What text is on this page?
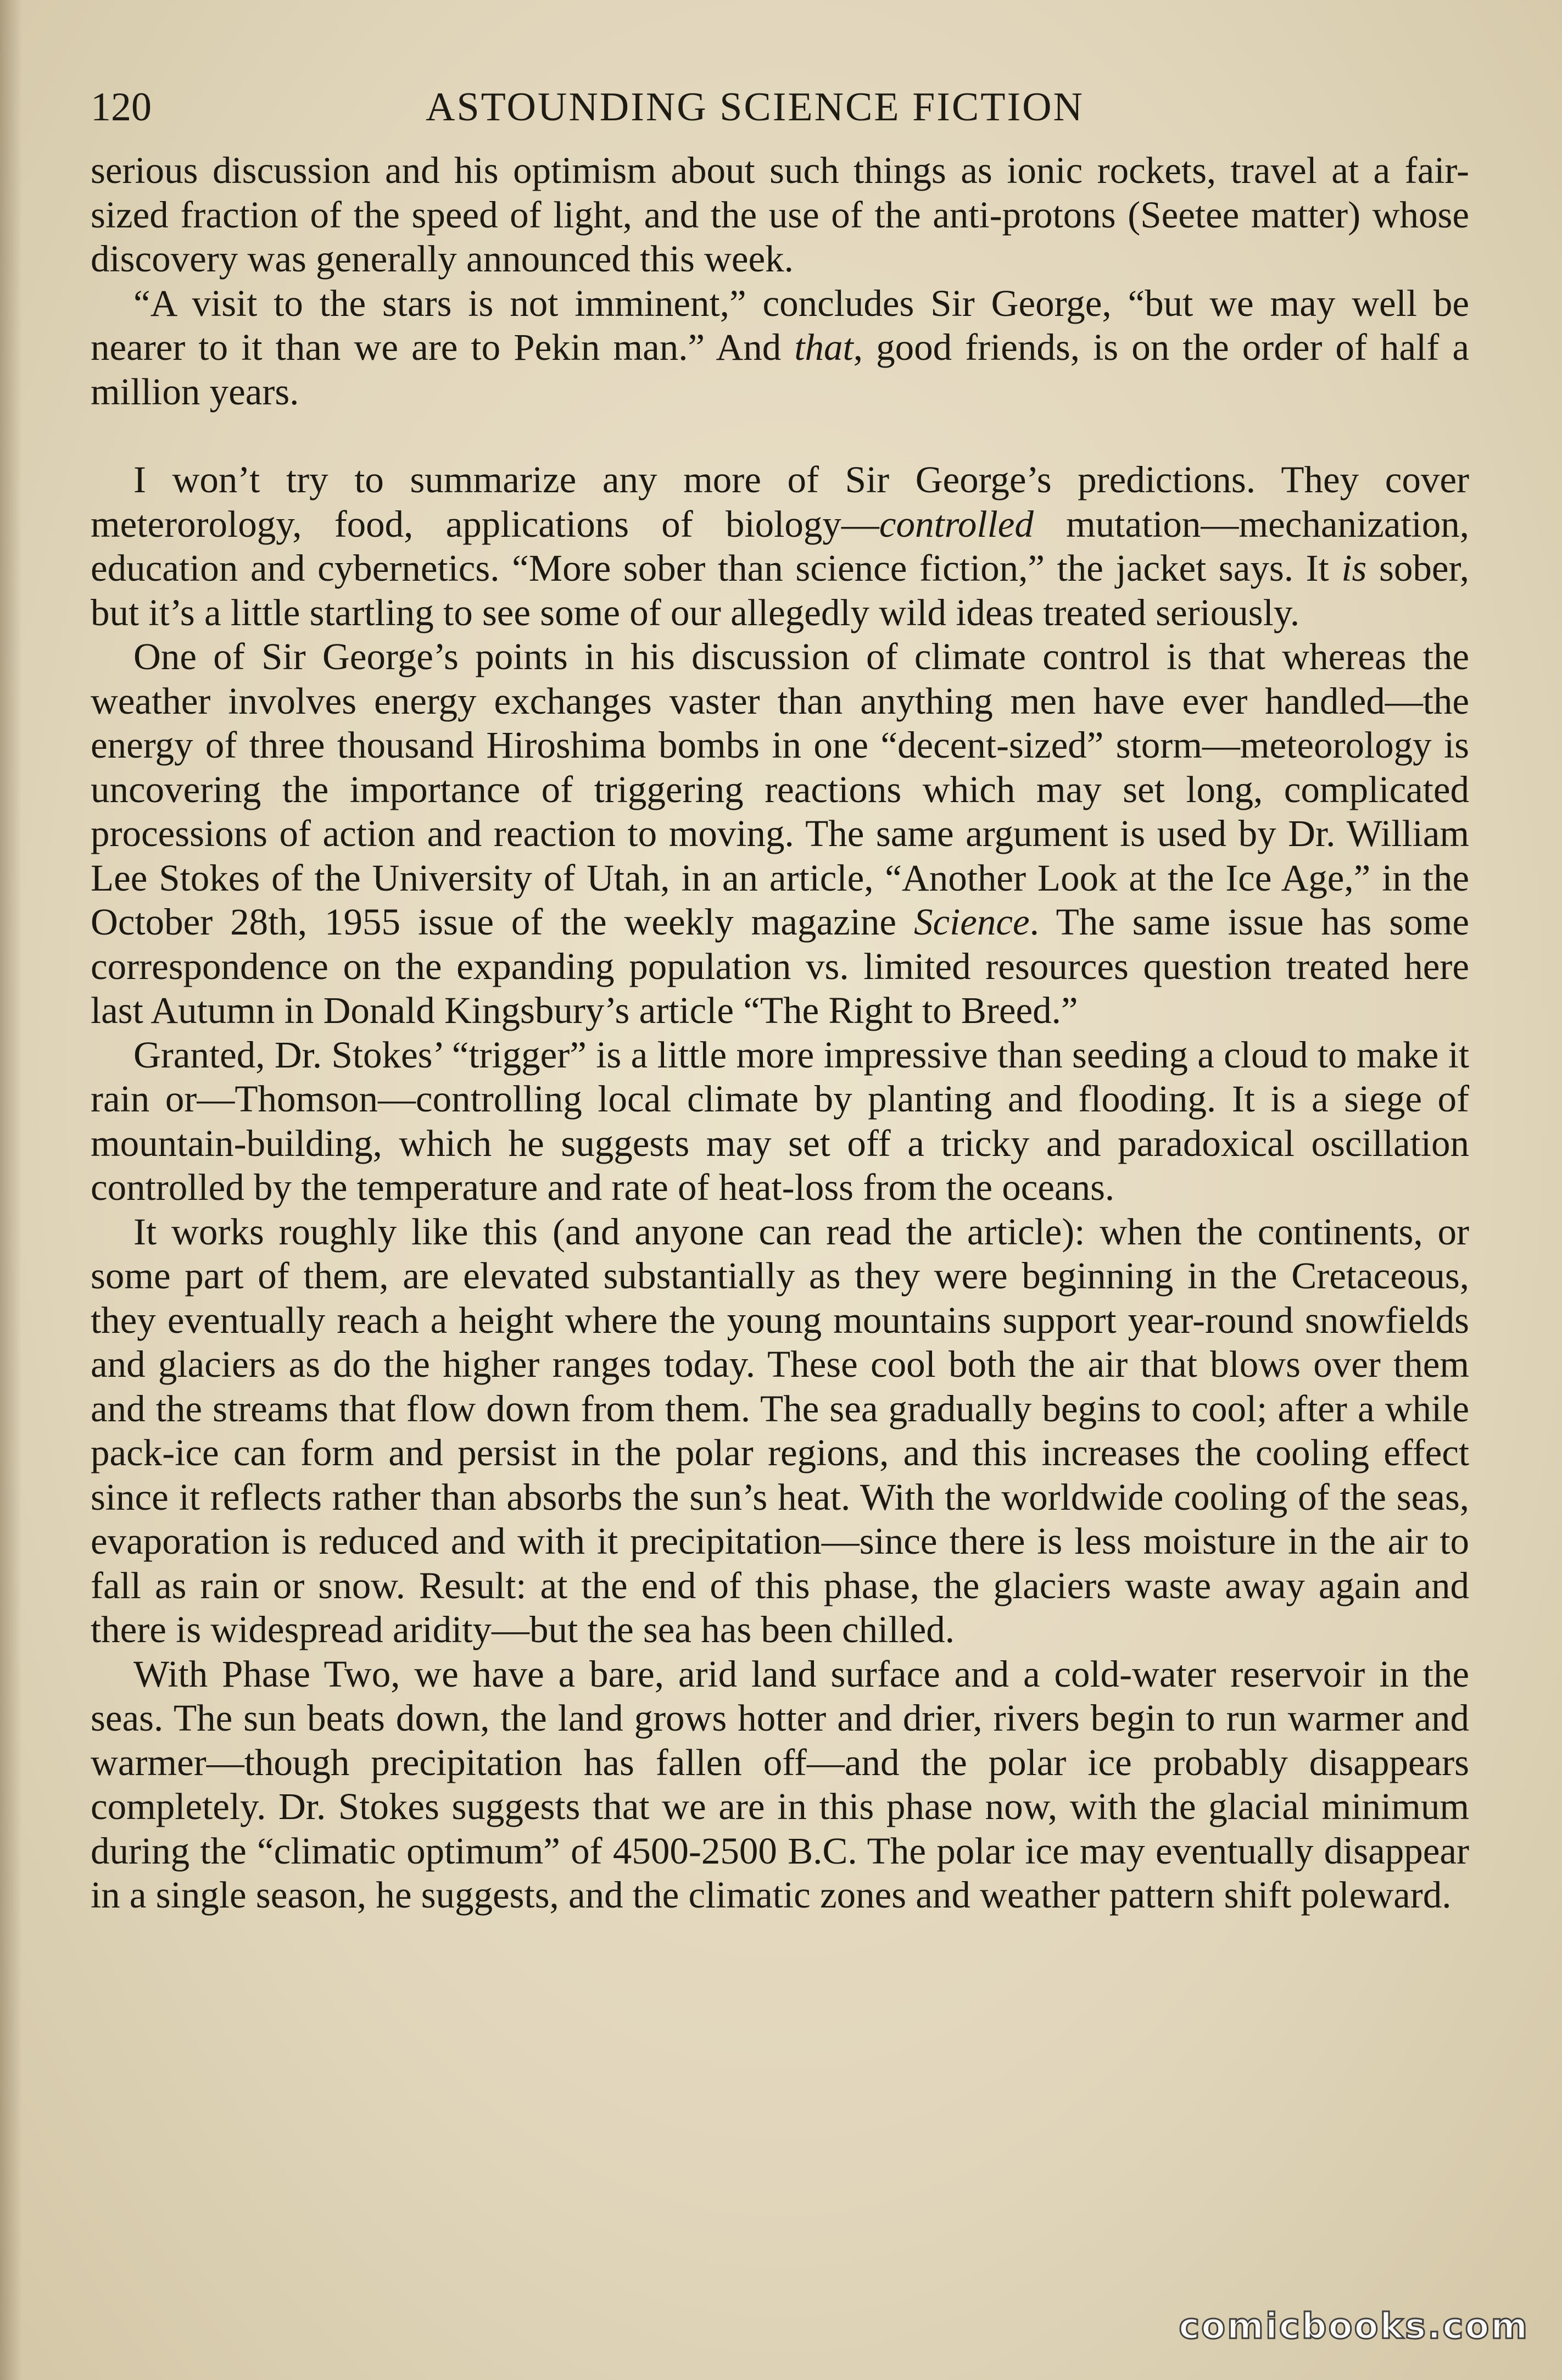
120	ASTOUNDING SCIENCE FICTION

serious discussion and his optimism about such things as ionic rockets, travel at a fair-sized fraction of the speed of light, and the use of the anti-protons (Seetee matter) whose discovery was generally announced this week.

“A visit to the stars is not imminent,” concludes Sir George, “but we may well be nearer to it than we are to Pekin man.” And that, good friends, is on the order of half a million years.

I won’t try to summarize any more of Sir George’s predictions. They cover meterorology, food, applications of biology—controlled mutation—mechanization, education and cybernetics. “More sober than science fiction,” the jacket says. It is sober, but it’s a little startling to see some of our allegedly wild ideas treated seriously.

One of Sir George’s points in his discussion of climate control is that whereas the weather involves energy exchanges vaster than anything men have ever handled—the energy of three thousand Hiroshima bombs in one “decent-sized” storm—meteorology is uncovering the importance of triggering reactions which may set long, complicated processions of action and reaction to moving. The same argument is used by Dr. William Lee Stokes of the University of Utah, in an article, “Another Look at the Ice Age,” in the October 28th, 1955 issue of the weekly magazine Science. The same issue has some correspondence on the expanding population vs. limited resources question treated here last Autumn in Donald Kingsbury’s article “The Right to Breed.”

Granted, Dr. Stokes’ “trigger” is a little more impressive than seeding a cloud to make it rain or—Thomson—controlling local climate by planting and flooding. It is a siege of mountain-building, which he suggests may set off a tricky and paradoxical oscillation controlled by the temperature and rate of heat-loss from the oceans.

It works roughly like this (and anyone can read the article): when the continents, or some part of them, are elevated substantially as they were beginning in the Cretaceous, they eventually reach a height where the young mountains support year-round snowfields and glaciers as do the higher ranges today. These cool both the air that blows over them and the streams that flow down from them. The sea gradually begins to cool; after a while pack-ice can form and persist in the polar regions, and this increases the cooling effect since it reflects rather than absorbs the sun’s heat. With the worldwide cooling of the seas, evaporation is reduced and with it precipitation—since there is less moisture in the air to fall as rain or snow. Result: at the end of this phase, the glaciers waste away again and there is widespread aridity—but the sea has been chilled.

With Phase Two, we have a bare, arid land surface and a cold-water reservoir in the seas. The sun beats down, the land grows hotter and drier, rivers begin to run warmer and warmer—though precipitation has fallen off—and the polar ice probably disappears completely. Dr. Stokes suggests that we are in this phase now, with the glacial minimum during the “climatic optimum” of 4500-2500 B.C. The polar ice may eventually disappear in a single season, he suggests, and the climatic zones and weather pattern shift poleward.

comicbooks.com
